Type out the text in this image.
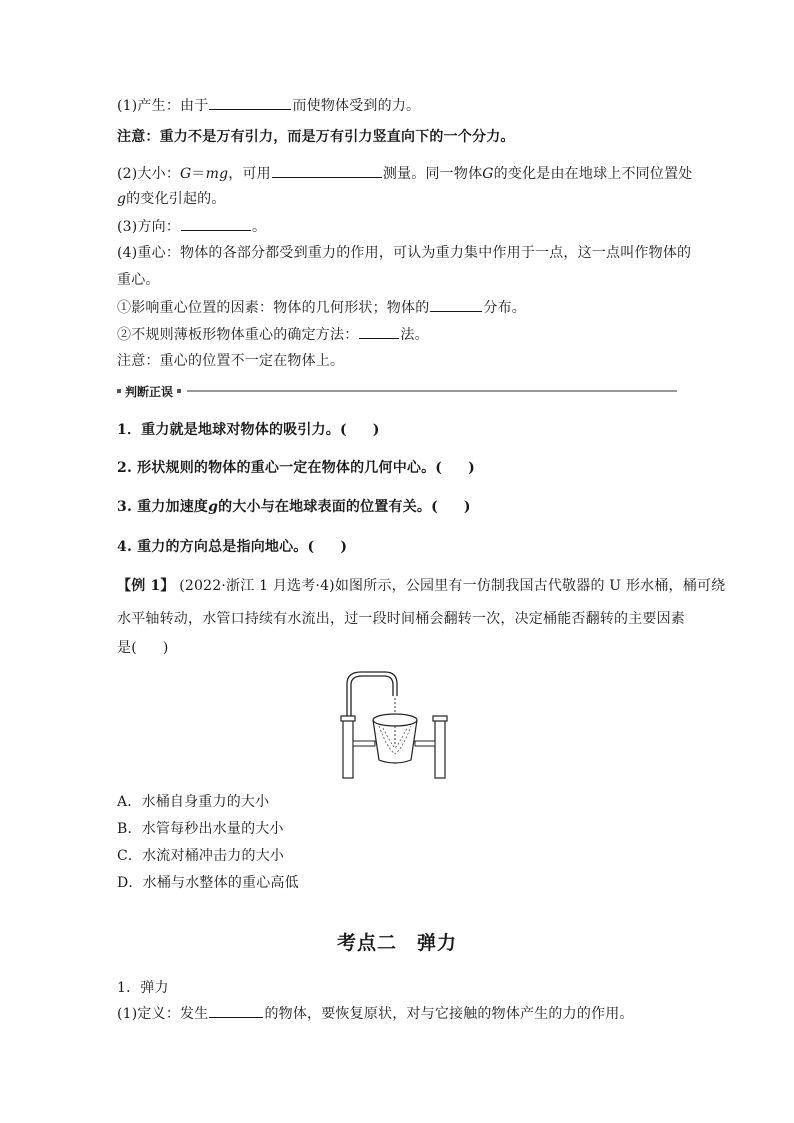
(1)产生：由于	而使物体受到的力。
注意：重力不是万有引力，而是万有引力竖直向下的一个分力。
(2)大小：G＝mg，可用	测量。同一物体G的变化是由在地球上不同位置处
g的变化引起的。
(3)方向：	。
(4)重心：物体的各部分都受到重力的作用，可认为重力集中作用于一点，这一点叫作物体的
重心。
①影响重心位置的因素：物体的几何形状；物体的	分布。
②不规则薄板形物体重心的确定方法：	法。
注意：重心的位置不一定在物体上。
判断正误
1．重力就是地球对物体的吸引力。( )
2. 形状规则的物体的重心一定在物体的几何中心。( )
3. 重力加速度g的大小与在地球表面的位置有关。( )
4. 重力的方向总是指向地心。( )
【例 1】 (2022·浙江 1 月选考·4)如图所示，公园里有一仿制我国古代敬器的 U 形水桶，桶可绕
水平轴转动，水管口持续有水流出，过一段时间桶会翻转一次，决定桶能否翻转的主要因素
是( )
A．水桶自身重力的大小
B．水管每秒出水量的大小
C．水流对桶冲击力的大小
D．水桶与水整体的重心高低
考点二　弹力
1．弹力
(1)定义：发生	的物体，要恢复原状，对与它接触的物体产生的力的作用。
